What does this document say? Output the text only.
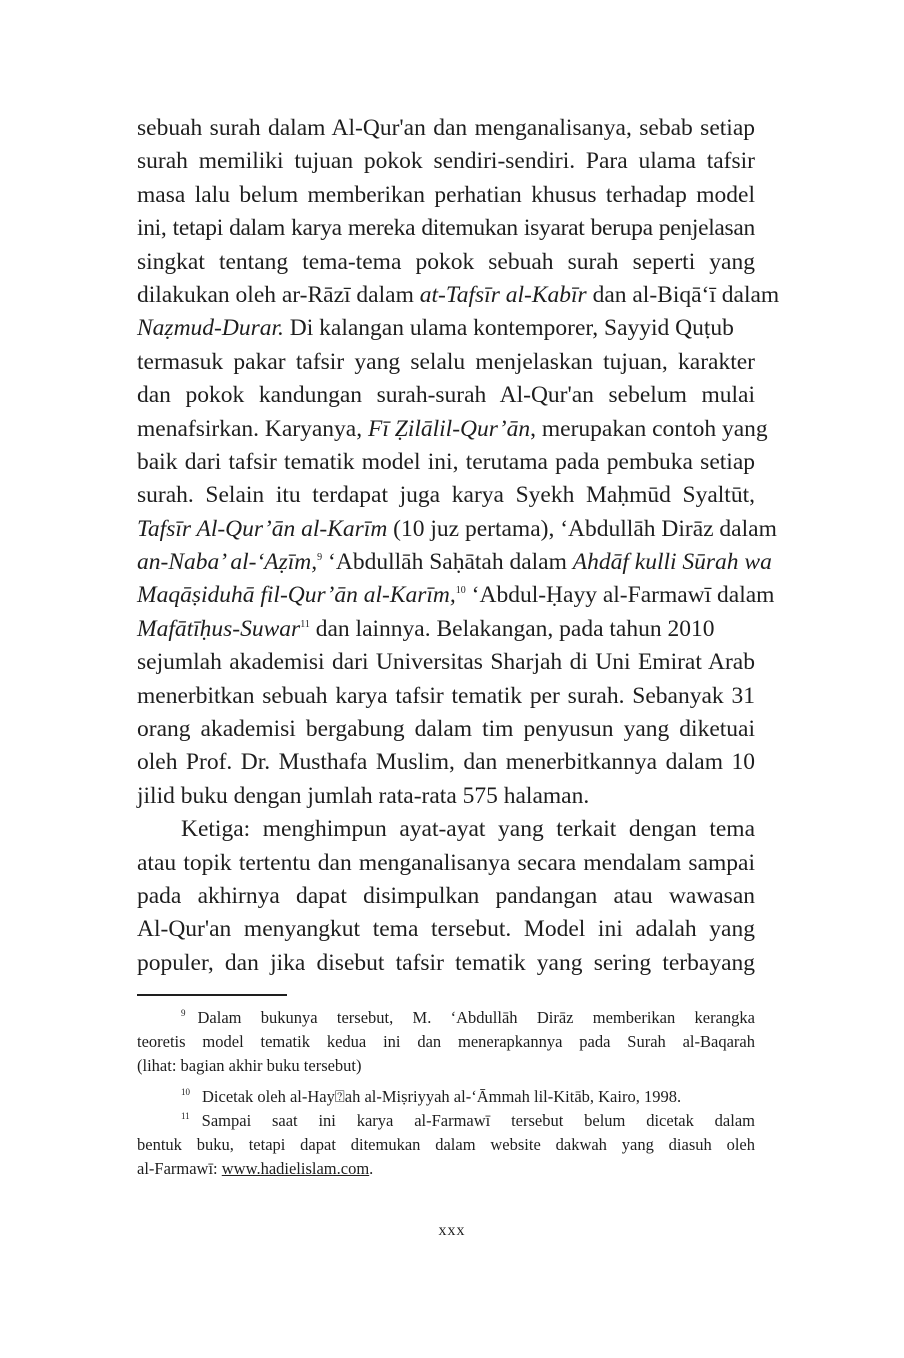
sebuah surah dalam Al-Qur'an dan menganalisanya, sebab setiap
surah memiliki tujuan pokok sendiri-sendiri. Para ulama tafsir
masa lalu belum memberikan perhatian khusus terhadap model
ini, tetapi dalam karya mereka ditemukan isyarat berupa penjelasan
singkat tentang tema-tema pokok sebuah surah seperti yang
dilakukan oleh ar-Rāzī dalam at-Tafsīr al-Kabīr dan al-Biqā‘ī dalam
Naẓmud-Durar. Di kalangan ulama kontemporer, Sayyid Quṭub
termasuk pakar tafsir yang selalu menjelaskan tujuan, karakter
dan pokok kandungan surah-surah Al-Qur'an sebelum mulai
menafsirkan. Karyanya, Fī Ẓilālil-Qur’ān, merupakan contoh yang
baik dari tafsir tematik model ini, terutama pada pembuka setiap
surah. Selain itu terdapat juga karya Syekh Maḥmūd Syaltūt,
Tafsīr Al-Qur’ān al-Karīm (10 juz pertama), ‘Abdullāh Dirāz dalam
an-Naba’ al-‘Aẓīm,$^9$ ‘Abdullāh Saḥātah dalam Ahdāf kulli Sūrah wa
Maqāṣiduhā fil-Qur’ān al-Karīm,$^{10}$ ‘Abdul-Ḥayy al-Farmawī dalam
Mafātīḥus-Suwar$^{11}$ dan lainnya. Belakangan, pada tahun 2010
sejumlah akademisi dari Universitas Sharjah di Uni Emirat Arab
menerbitkan sebuah karya tafsir tematik per surah. Sebanyak 31
orang akademisi bergabung dalam tim penyusun yang diketuai
oleh Prof. Dr. Musthafa Muslim, dan menerbitkannya dalam 10
jilid buku dengan jumlah rata-rata 575 halaman.
Ketiga: menghimpun ayat-ayat yang terkait dengan tema
atau topik tertentu dan menganalisanya secara mendalam sampai
pada akhirnya dapat disimpulkan pandangan atau wawasan
Al-Qur'an menyangkut tema tersebut. Model ini adalah yang
populer, dan jika disebut tafsir tematik yang sering terbayang
$^9$ Dalam bukunya tersebut, M. ‘Abdullāh Dirāz memberikan kerangka
teoretis model tematik kedua ini dan menerapkannya pada Surah al-Baqarah
(lihat: bagian akhir buku tersebut)
$^{10}$ Dicetak oleh al-Hay⍰ah al-Miṣriyyah al-‘Āmmah lil-Kitāb, Kairo, 1998.
$^{11}$ Sampai saat ini karya al-Farmawī tersebut belum dicetak dalam
bentuk buku, tetapi dapat ditemukan dalam website dakwah yang diasuh oleh
al-Farmawī: www.hadielislam.com.
xxx
